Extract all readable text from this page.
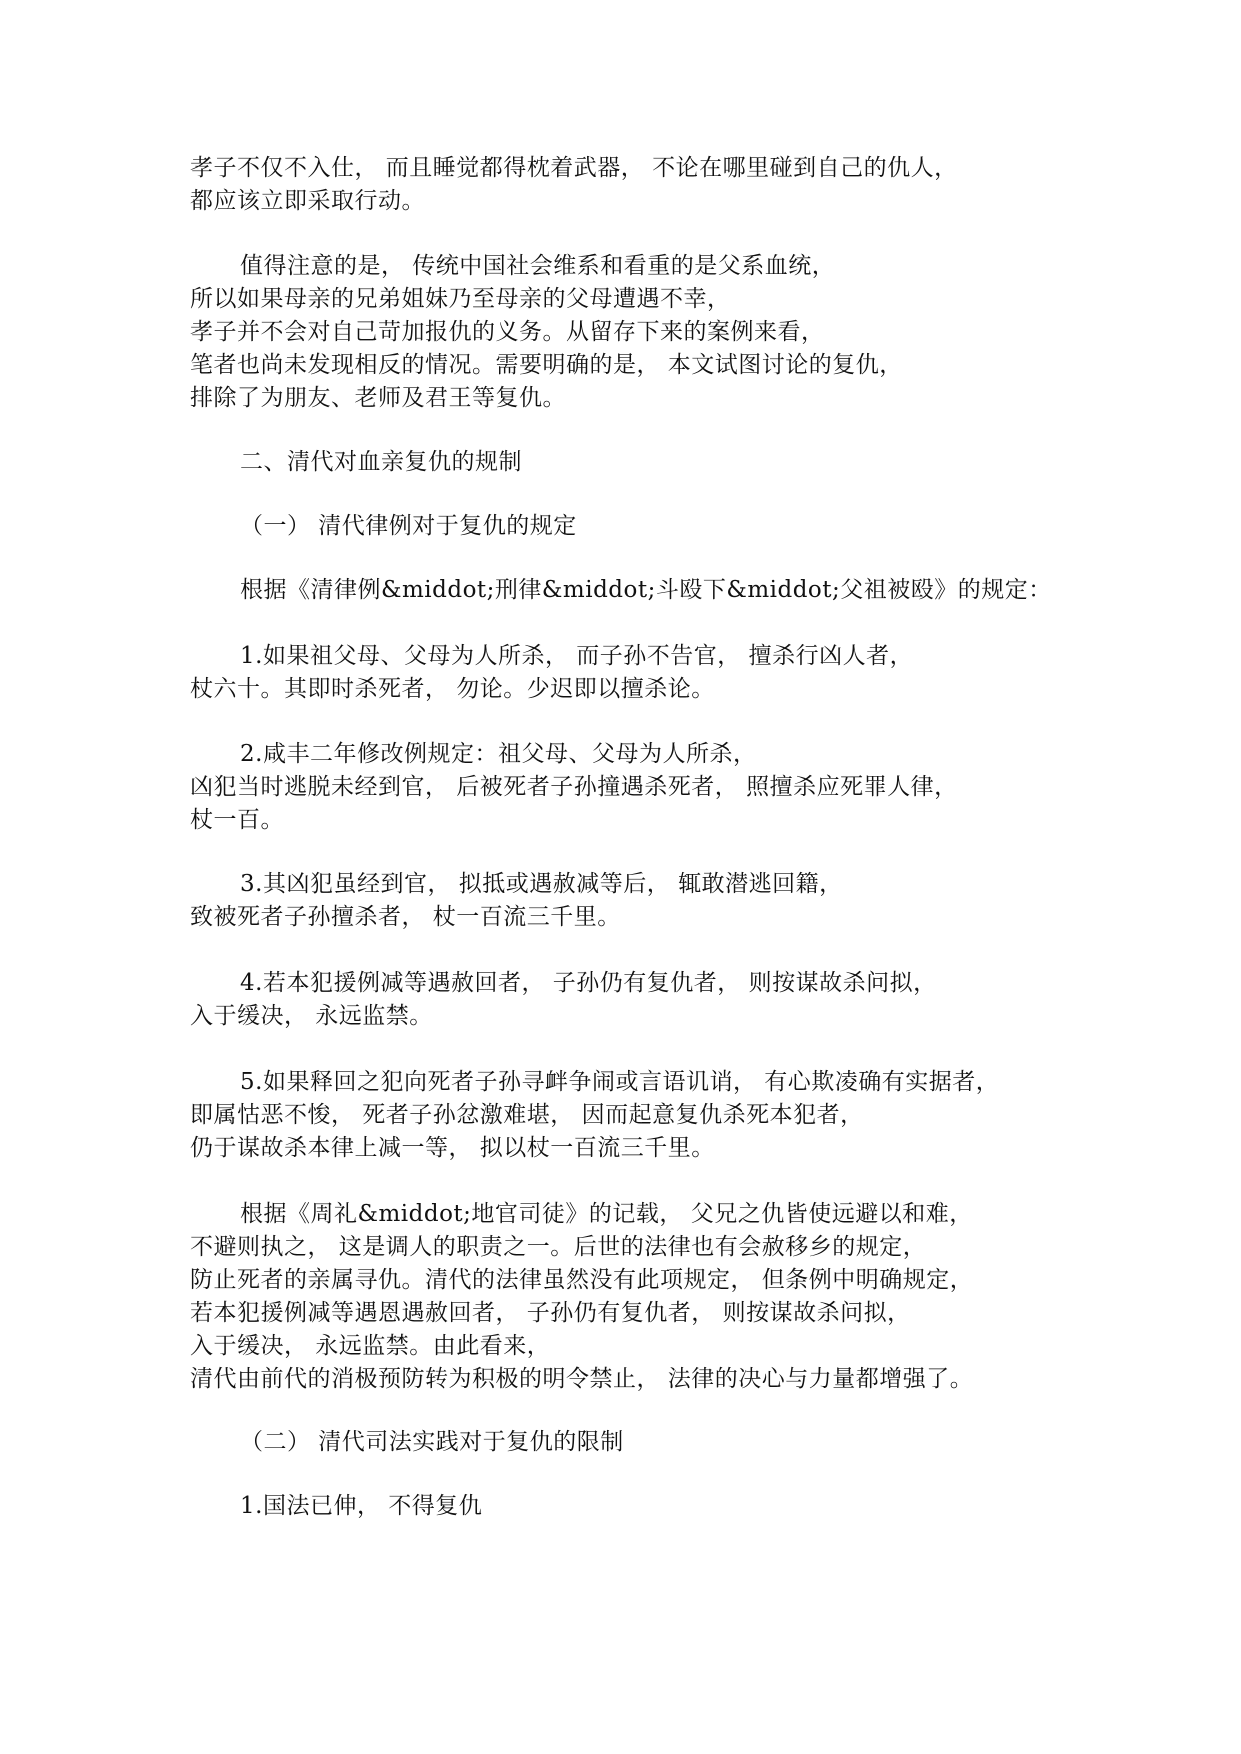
孝子不仅不入仕， 而且睡觉都得枕着武器， 不论在哪里碰到自己的仇人，
都应该立即采取行动。
值得注意的是， 传统中国社会维系和看重的是父系血统，
所以如果母亲的兄弟姐妹乃至母亲的父母遭遇不幸，
孝子并不会对自己苛加报仇的义务。从留存下来的案例来看，
笔者也尚未发现相反的情况。需要明确的是， 本文试图讨论的复仇，
排除了为朋友、老师及君王等复仇。
二、清代对血亲复仇的规制
（一） 清代律例对于复仇的规定
根据《清律例&middot;刑律&middot;斗殴下&middot;父祖被殴》的规定：
1.如果祖父母、父母为人所杀， 而子孙不告官， 擅杀行凶人者，
杖六十。其即时杀死者， 勿论。少迟即以擅杀论。
2.咸丰二年修改例规定：祖父母、父母为人所杀，
凶犯当时逃脱未经到官， 后被死者子孙撞遇杀死者， 照擅杀应死罪人律，
杖一百。
3.其凶犯虽经到官， 拟抵或遇赦减等后， 辄敢潜逃回籍，
致被死者子孙擅杀者， 杖一百流三千里。
4.若本犯援例减等遇赦回者， 子孙仍有复仇者， 则按谋故杀问拟，
入于缓决， 永远监禁。
5.如果释回之犯向死者子孙寻衅争闹或言语讥诮， 有心欺凌确有实据者，
即属怙恶不悛， 死者子孙忿激难堪， 因而起意复仇杀死本犯者，
仍于谋故杀本律上减一等， 拟以杖一百流三千里。
根据《周礼&middot;地官司徒》的记载， 父兄之仇皆使远避以和难，
不避则执之， 这是调人的职责之一。后世的法律也有会赦移乡的规定，
防止死者的亲属寻仇。清代的法律虽然没有此项规定， 但条例中明确规定，
若本犯援例减等遇恩遇赦回者， 子孙仍有复仇者， 则按谋故杀问拟，
入于缓决， 永远监禁。由此看来，
清代由前代的消极预防转为积极的明令禁止， 法律的决心与力量都增强了。
（二） 清代司法实践对于复仇的限制
1.国法已伸， 不得复仇
